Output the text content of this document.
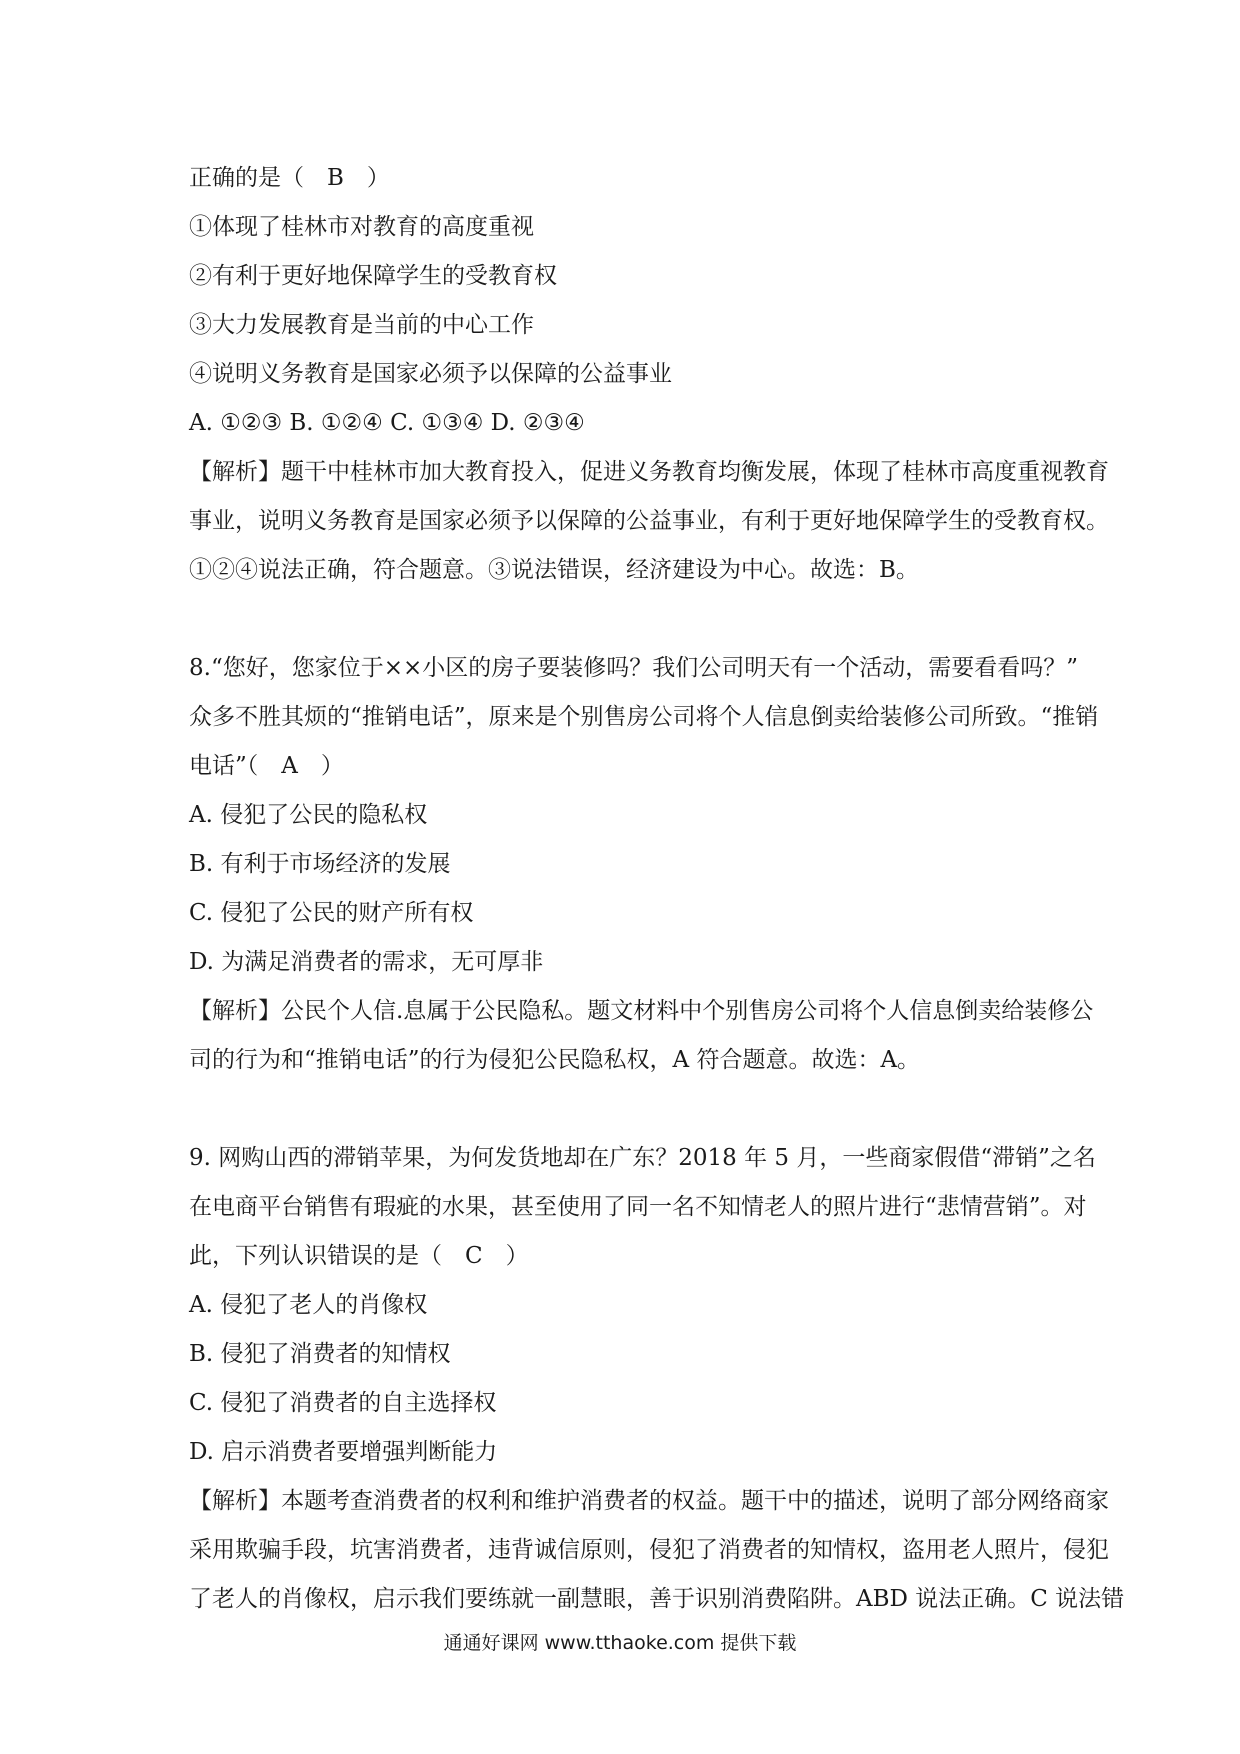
正确的是（　B　）
①体现了桂林市对教育的高度重视
②有利于更好地保障学生的受教育权
③大力发展教育是当前的中心工作
④说明义务教育是国家必须予以保障的公益事业
A. ①②③ B. ①②④ C. ①③④ D. ②③④
【解析】题干中桂林市加大教育投入，促进义务教育均衡发展，体现了桂林市高度重视教育
事业，说明义务教育是国家必须予以保障的公益事业，有利于更好地保障学生的受教育权。
①②④说法正确，符合题意。③说法错误，经济建设为中心。故选：B。
8.“您好，您家位于××小区的房子要装修吗？我们公司明天有一个活动，需要看看吗？”
众多不胜其烦的“推销电话”，原来是个别售房公司将个人信息倒卖给装修公司所致。“推销
电话”（　A　）
A. 侵犯了公民的隐私权
B. 有利于市场经济的发展
C. 侵犯了公民的财产所有权
D. 为满足消费者的需求，无可厚非
【解析】公民个人信.息属于公民隐私。题文材料中个别售房公司将个人信息倒卖给装修公
司的行为和“推销电话”的行为侵犯公民隐私权，A 符合题意。故选：A。
9. 网购山西的滞销苹果，为何发货地却在广东？2018 年 5 月，一些商家假借“滞销”之名
在电商平台销售有瑕疵的水果，甚至使用了同一名不知情老人的照片进行“悲情营销”。对
此，下列认识错误的是（　C　）
A. 侵犯了老人的肖像权
B. 侵犯了消费者的知情权
C. 侵犯了消费者的自主选择权
D. 启示消费者要增强判断能力
【解析】本题考查消费者的权利和维护消费者的权益。题干中的描述，说明了部分网络商家
采用欺骗手段，坑害消费者，违背诚信原则，侵犯了消费者的知情权，盗用老人照片，侵犯
了老人的肖像权，启示我们要练就一副慧眼，善于识别消费陷阱。ABD 说法正确。C 说法错
通通好课网 www.tthaoke.com 提供下载
